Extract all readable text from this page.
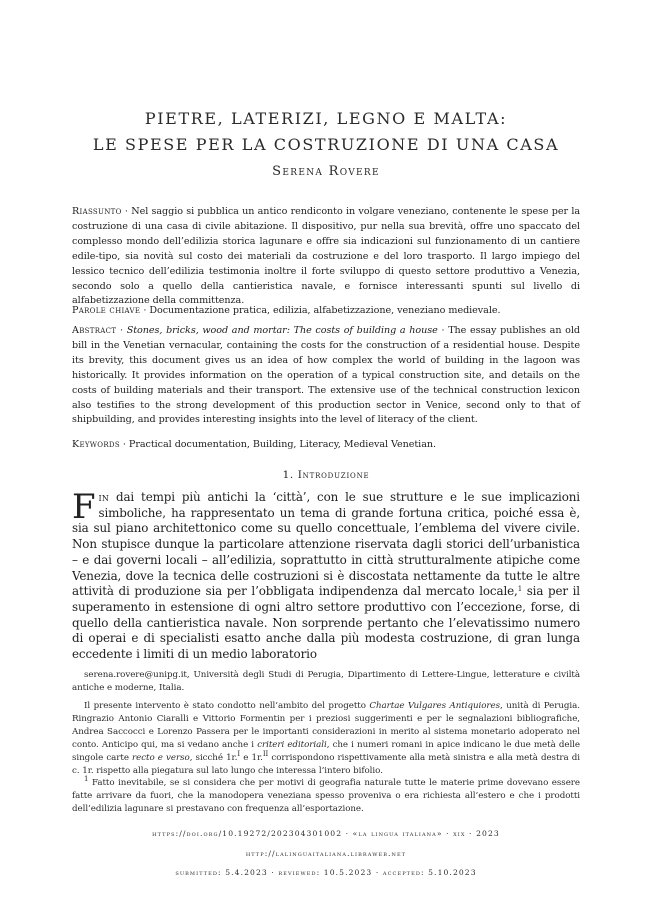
PIETRE, LATERIZI, LEGNO E MALTA:
LE SPESE PER LA COSTRUZIONE DI UNA CASA
Serena Rovere
Riassunto · Nel saggio si pubblica un antico rendiconto in volgare veneziano, contenente le spese per la costruzione di una casa di civile abitazione. Il dispositivo, pur nella sua brevità, offre uno spaccato del complesso mondo dell’edilizia storica lagunare e offre sia indicazioni sul funzionamento di un cantiere edile-tipo, sia novità sul costo dei materiali da costruzione e del loro trasporto. Il largo impiego del lessico tecnico dell’edilizia testimonia inoltre il forte sviluppo di questo settore produttivo a Venezia, secondo solo a quello della cantieristica navale, e fornisce interessanti spunti sul livello di alfabetizzazione della committenza.
Parole chiave · Documentazione pratica, edilizia, alfabetizzazione, veneziano medievale.
Abstract · Stones, bricks, wood and mortar: The costs of building a house · The essay publishes an old bill in the Venetian vernacular, containing the costs for the construction of a residential house. Despite its brevity, this document gives us an idea of how complex the world of building in the lagoon was historically. It provides information on the operation of a typical construction site, and details on the costs of building materials and their transport. The extensive use of the technical construction lexicon also testifies to the strong development of this production sector in Venice, second only to that of shipbuilding, and provides interesting insights into the level of literacy of the client.
Keywords · Practical documentation, Building, Literacy, Medieval Venetian.
1. Introduzione
Fin dai tempi più antichi la ‘città’, con le sue strutture e le sue implicazioni simboliche, ha rappresentato un tema di grande fortuna critica, poiché essa è, sia sul piano architettonico come su quello concettuale, l’emblema del vivere civile. Non stupisce dunque la particolare attenzione riservata dagli storici dell’urbanistica – e dai governi locali – all’edilizia, soprattutto in città strutturalmente atipiche come Venezia, dove la tecnica delle costruzioni si è discostata nettamente da tutte le altre attività di produzione sia per l’obbligata indipendenza dal mercato locale,$^1$ sia per il superamento in estensione di ogni altro settore produttivo con l’eccezione, forse, di quello della cantieristica navale. Non sorprende pertanto che l’elevatissimo numero di operai e di specialisti esatto anche dalla più modesta costruzione, di gran lunga eccedente i limiti di un medio laboratorio

serena.rovere@unipg.it, Università degli Studi di Perugia, Dipartimento di Lettere-Lingue, letterature e civiltà antiche e moderne, Italia.

Il presente intervento è stato condotto nell’ambito del progetto Chartae Vulgares Antiquiores, unità di Perugia. Ringrazio Antonio Ciaralli e Vittorio Formentin per i preziosi suggerimenti e per le segnalazioni bibliografiche, Andrea Saccocci e Lorenzo Passera per le importanti considerazioni in merito al sistema monetario adoperato nel conto. Anticipo qui, ma si vedano anche i criteri editoriali, che i numeri romani in apice indicano le due metà delle singole carte recto e verso, sicché 1r.$^I$ e 1r.$^{II}$ corrispondono rispettivamente alla metà sinistra e alla metà destra di c. 1r. rispetto alla piegatura sul lato lungo che interessa l’intero bifolio.

$^1$ Fatto inevitabile, se si considera che per motivi di geografia naturale tutte le materie prime dovevano essere fatte arrivare da fuori, che la manodopera veneziana spesso proveniva o era richiesta all’estero e che i prodotti dell’edilizia lagunare si prestavano con frequenza all’esportazione.

https://doi.org/10.19272/202304301002 · «la lingua italiana» · xix · 2023
http://lalinguaitaliana.libraweb.net
submitted: 5.4.2023 · reviewed: 10.5.2023 · accepted: 5.10.2023
